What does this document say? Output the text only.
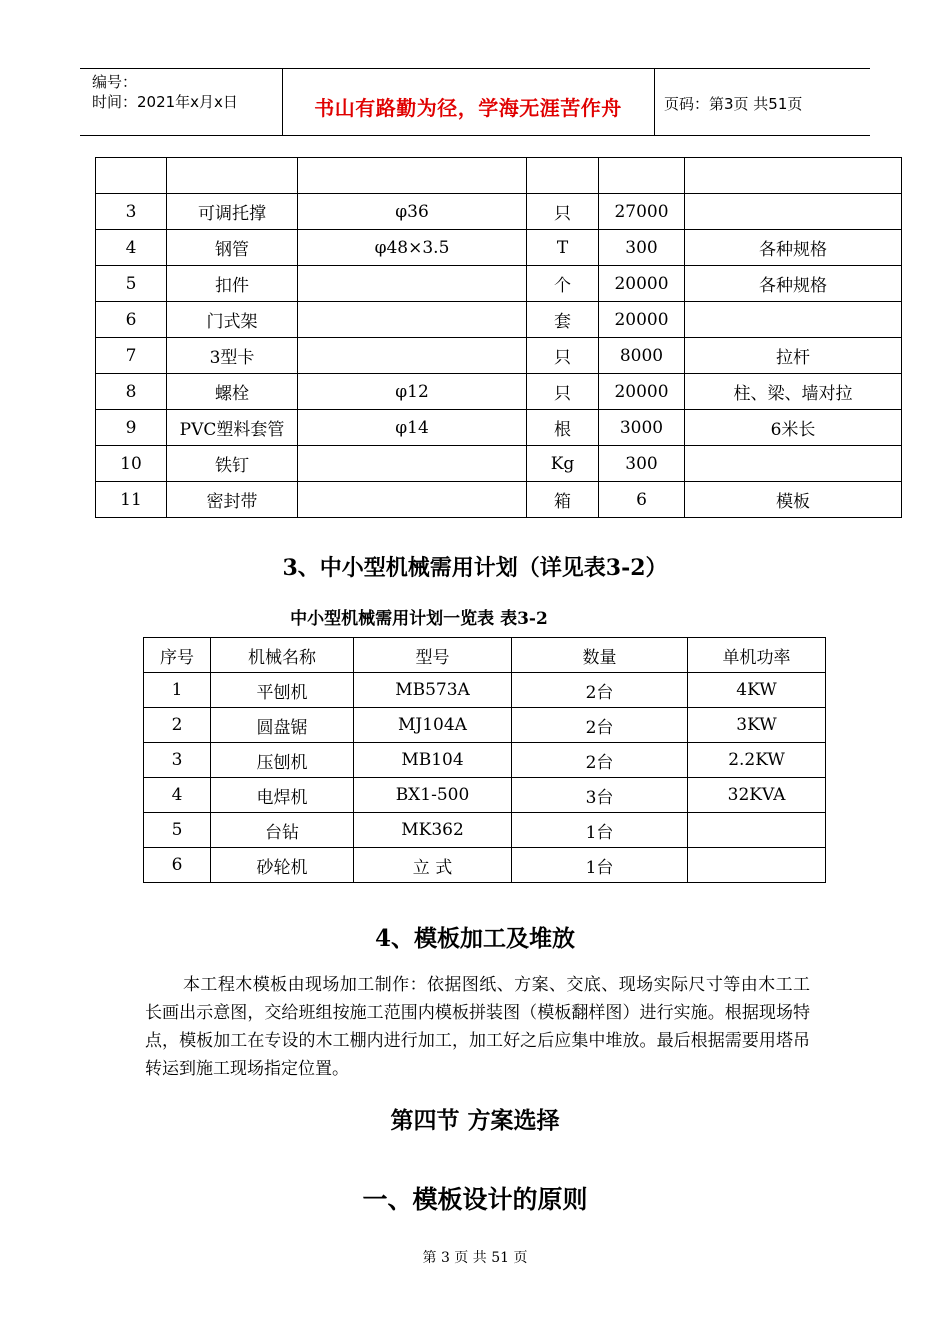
编号：
时间：2021年x月x日	书山有路勤为径，学海无涯苦作舟	页码：第3页 共51页

3	可调托撑	φ36	只	27000	
4	钢管	φ48×3.5	T	300	各种规格
5	扣件		个	20000	各种规格
6	门式架		套	20000	
7	3型卡		只	8000	拉杆
8	螺栓	φ12	只	20000	柱、梁、墙对拉
9	PVC塑料套管	φ14	根	3000	6米长
10	铁钉		Kg	300	
11	密封带		箱	6	模板
3、中小型机械需用计划（详见表3-2）
中小型机械需用计划一览表 表3-2
序号	机械名称	型号	数量	单机功率
1	平刨机	MB573A	2台	4KW
2	圆盘锯	MJ104A	2台	3KW
3	压刨机	MB104	2台	2.2KW
4	电焊机	BX1-500	3台	32KVA
5	台钻	MK362	1台	
6	砂轮机	立 式	1台	
4、模板加工及堆放
本工程木模板由现场加工制作：依据图纸、方案、交底、现场实际尺寸等由木工工长画出示意图，交给班组按施工范围内模板拼装图（模板翻样图）进行实施。根据现场特点，模板加工在专设的木工棚内进行加工，加工好之后应集中堆放。最后根据需要用塔吊转运到施工现场指定位置。
第四节 方案选择
一、模板设计的原则
第 3 页 共 51 页
